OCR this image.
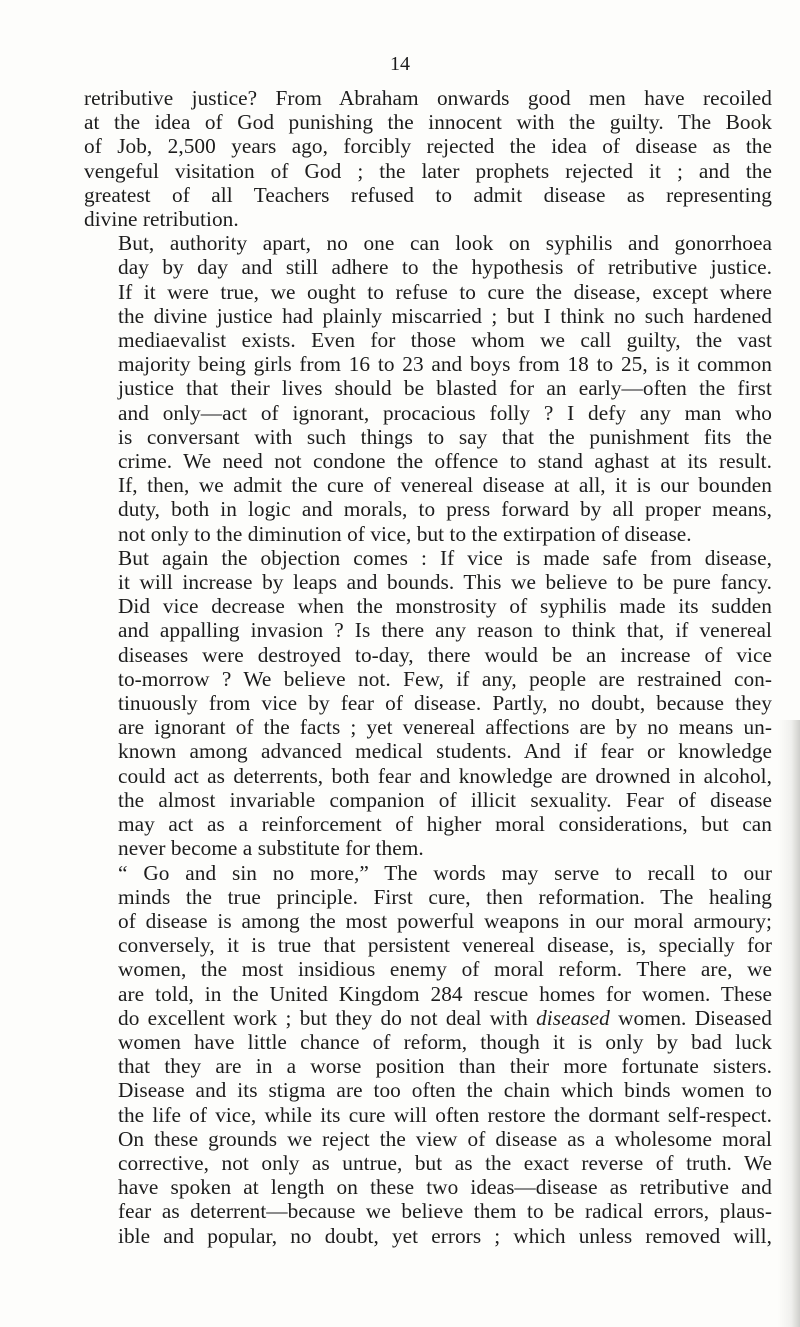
14

retributive justice? From Abraham onwards good men have recoiled
at the idea of God punishing the innocent with the guilty. The Book
of Job, 2,500 years ago, forcibly rejected the idea of disease as the
vengeful visitation of God ; the later prophets rejected it ; and the
greatest of all Teachers refused to admit disease as representing
divine retribution.

But, authority apart, no one can look on syphilis and gonorrhoea
day by day and still adhere to the hypothesis of retributive justice.
If it were true, we ought to refuse to cure the disease, except where
the divine justice had plainly miscarried ; but I think no such hardened
mediaevalist exists. Even for those whom we call guilty, the vast
majority being girls from 16 to 23 and boys from 18 to 25, is it common
justice that their lives should be blasted for an early—often the first
and only—act of ignorant, procacious folly ? I defy any man who
is conversant with such things to say that the punishment fits the
crime. We need not condone the offence to stand aghast at its result.
If, then, we admit the cure of venereal disease at all, it is our bounden
duty, both in logic and morals, to press forward by all proper means,
not only to the diminution of vice, but to the extirpation of disease.

But again the objection comes : If vice is made safe from disease,
it will increase by leaps and bounds. This we believe to be pure fancy.
Did vice decrease when the monstrosity of syphilis made its sudden
and appalling invasion ? Is there any reason to think that, if venereal
diseases were destroyed to-day, there would be an increase of vice
to-morrow ? We believe not. Few, if any, people are restrained con-
tinuously from vice by fear of disease. Partly, no doubt, because they
are ignorant of the facts ; yet venereal affections are by no means un-
known among advanced medical students. And if fear or knowledge
could act as deterrents, both fear and knowledge are drowned in alcohol,
the almost invariable companion of illicit sexuality. Fear of disease
may act as a reinforcement of higher moral considerations, but can
never become a substitute for them.

“ Go and sin no more,” The words may serve to recall to our
minds the true principle. First cure, then reformation. The healing
of disease is among the most powerful weapons in our moral armoury;
conversely, it is true that persistent venereal disease, is, specially for
women, the most insidious enemy of moral reform. There are, we
are told, in the United Kingdom 284 rescue homes for women. These
do excellent work ; but they do not deal with diseased women. Diseased
women have little chance of reform, though it is only by bad luck
that they are in a worse position than their more fortunate sisters.
Disease and its stigma are too often the chain which binds women to
the life of vice, while its cure will often restore the dormant self-respect.
On these grounds we reject the view of disease as a wholesome moral
corrective, not only as untrue, but as the exact reverse of truth. We
have spoken at length on these two ideas—disease as retributive and
fear as deterrent—because we believe them to be radical errors, plaus-
ible and popular, no doubt, yet errors ; which unless removed will,
